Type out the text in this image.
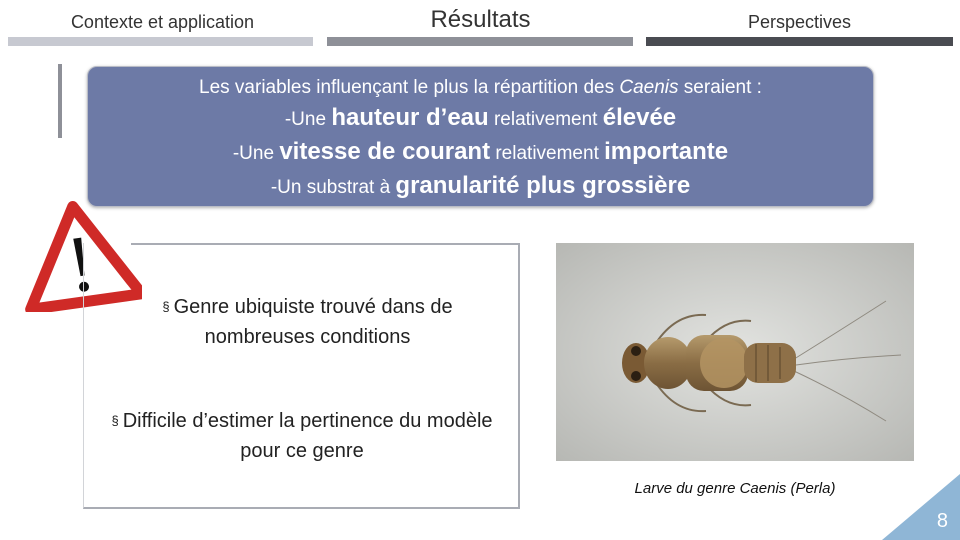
Contexte et application	Résultats	Perspectives
Les variables influençant le plus la répartition des Caenis seraient :
-Une hauteur d’eau relativement élevée
-Une vitesse de courant relativement importante
-Un substrat à granularité plus grossière
§ Genre ubiquiste trouvé dans de nombreuses conditions
§ Difficile d’estimer la pertinence du modèle pour ce genre
Larve du genre Caenis (Perla)
8
